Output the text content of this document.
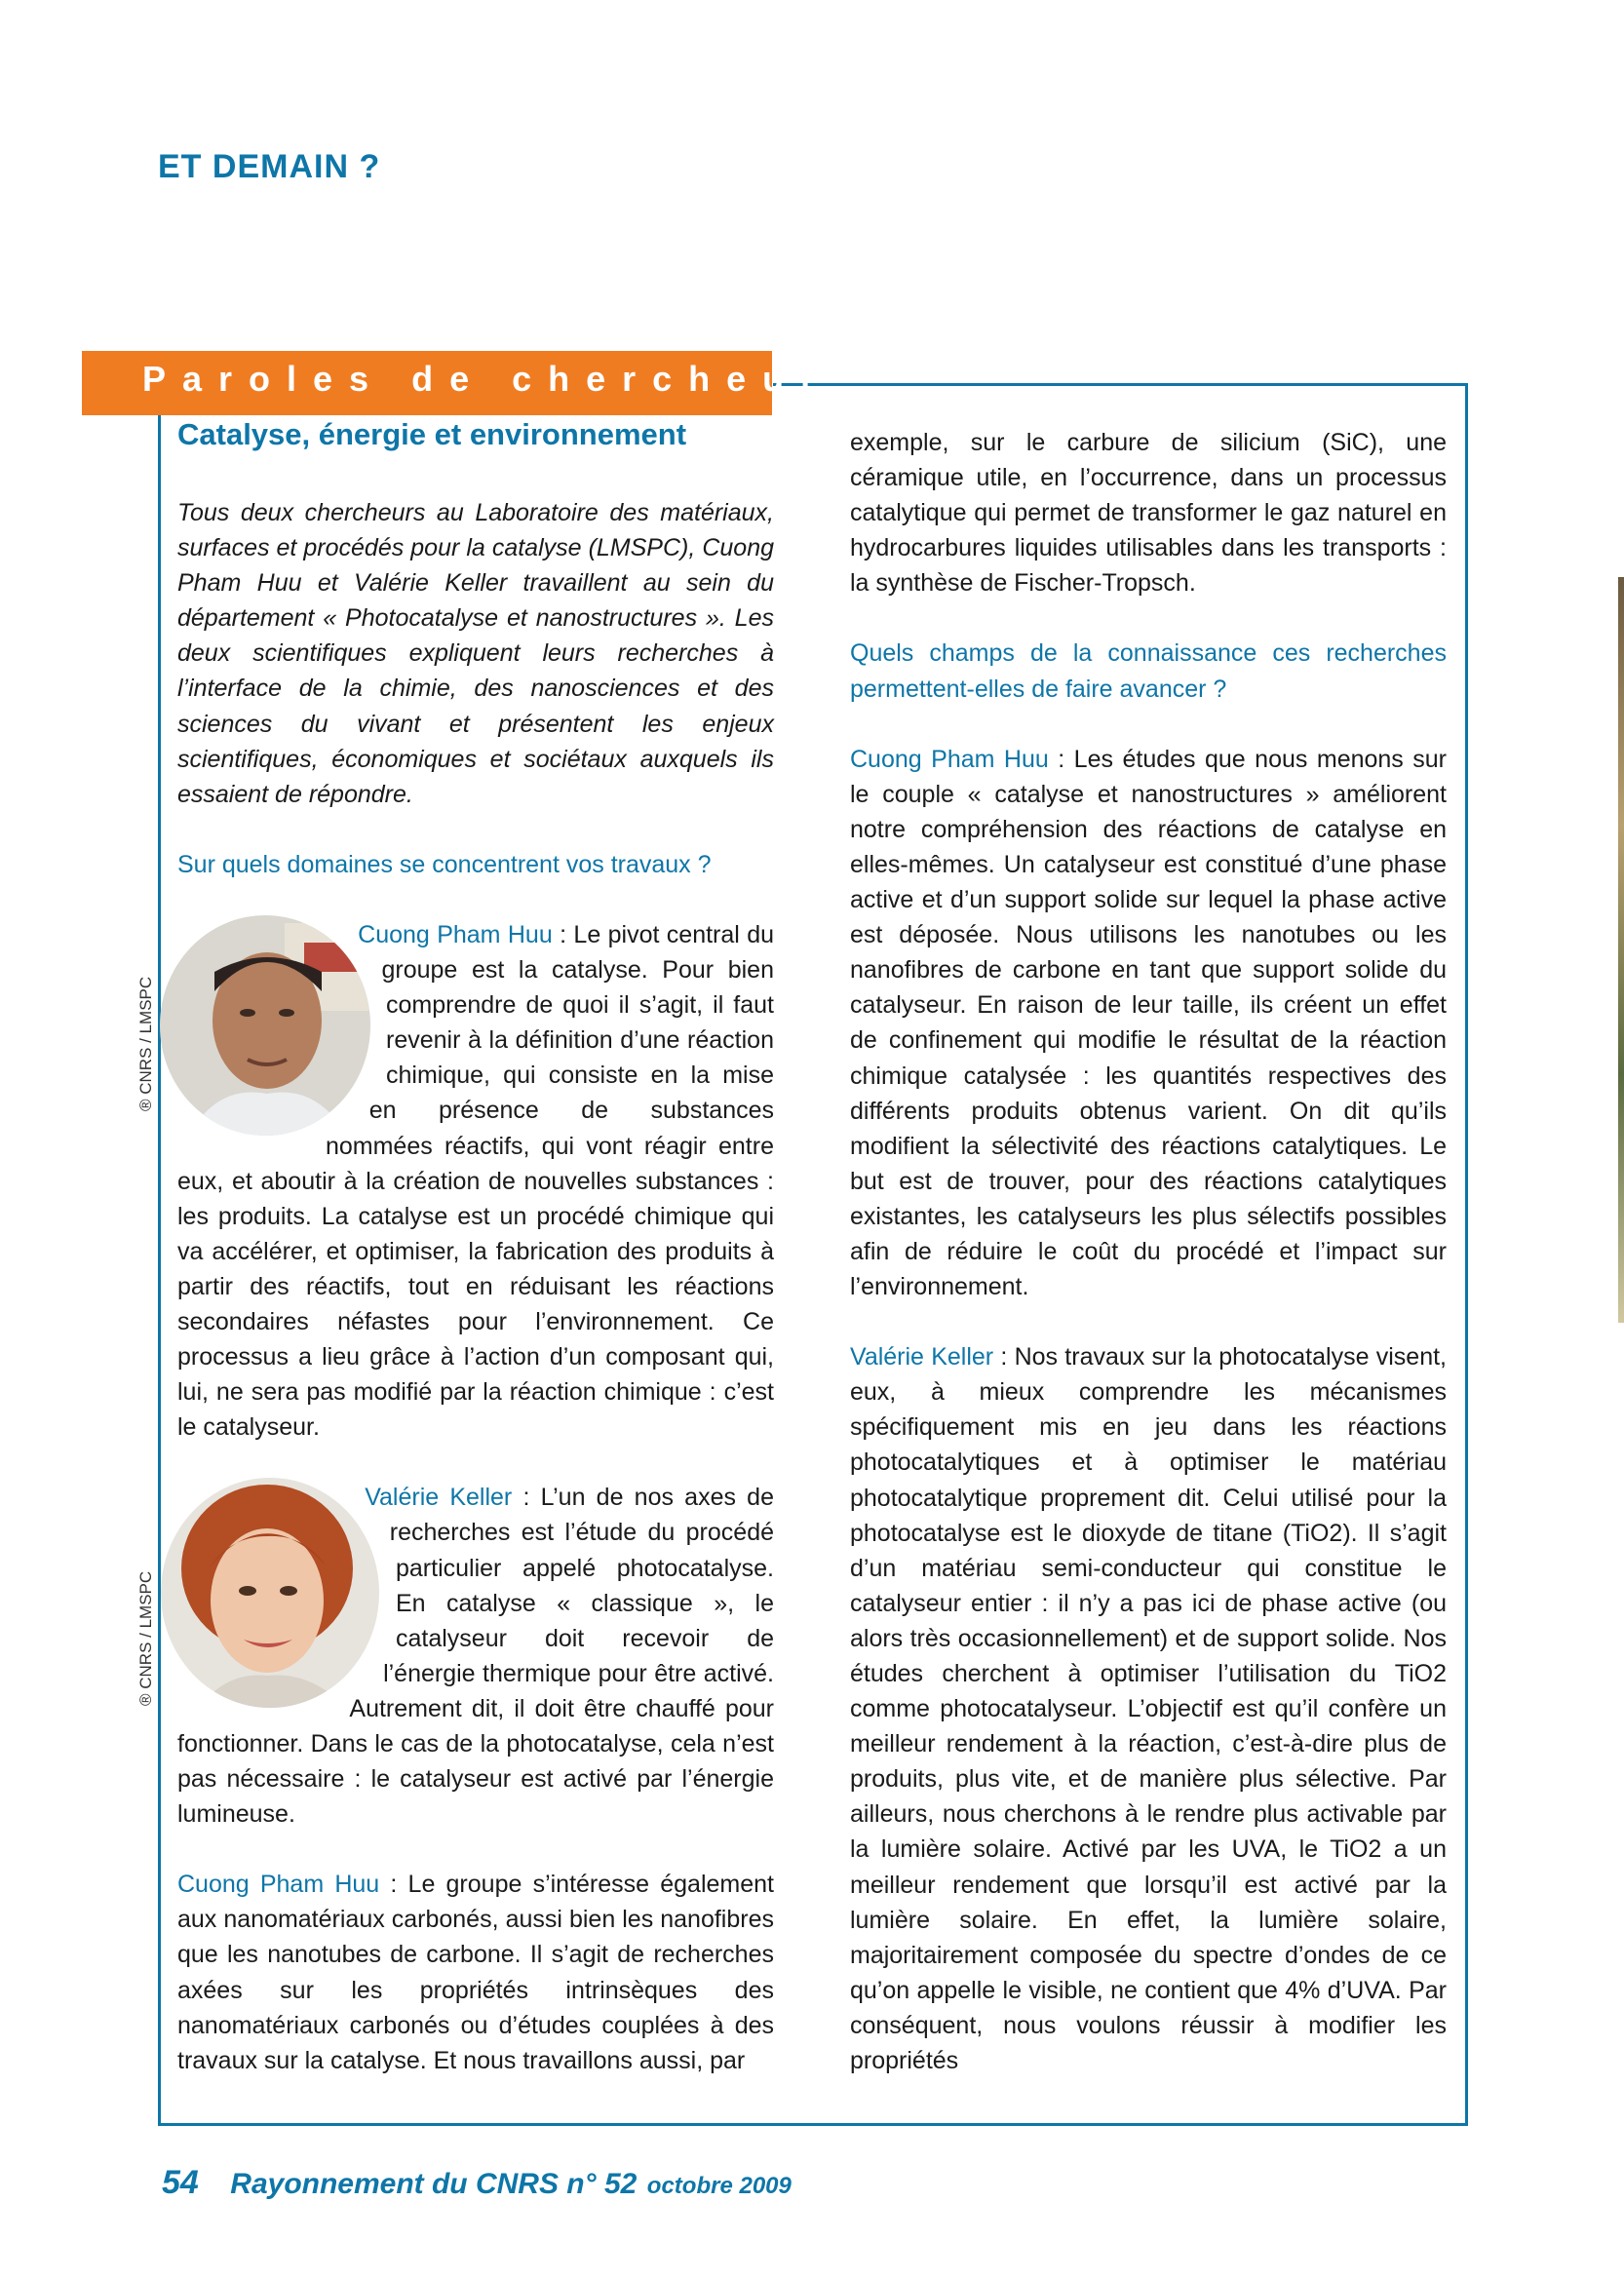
ET DEMAIN ?
Paroles de chercheur
Catalyse, énergie et environnement

Tous deux chercheurs au Laboratoire des matériaux, surfaces et procédés pour la catalyse (LMSPC), Cuong Pham Huu et Valérie Keller travaillent au sein du département « Photocatalyse et nanostructures ». Les deux scientifiques expliquent leurs recherches à l’interface de la chimie, des nanosciences et des sciences du vivant et présentent les enjeux scientifiques, économiques et sociétaux auxquels ils essaient de répondre.

Sur quels domaines se concentrent vos travaux ?

Cuong Pham Huu : Le pivot central du groupe est la catalyse. Pour bien comprendre de quoi il s’agit, il faut revenir à la définition d’une réaction chimique, qui consiste en la mise en présence de substances nommées réactifs, qui vont réagir entre eux, et aboutir à la création de nouvelles substances : les produits. La catalyse est un procédé chimique qui va accélérer, et optimiser, la fabrication des produits à partir des réactifs, tout en réduisant les réactions secondaires néfastes pour l’environnement. Ce processus a lieu grâce à l’action d’un composant qui, lui, ne sera pas modifié par la réaction chimique : c’est le catalyseur.

Valérie Keller : L’un de nos axes de recherches est l’étude du procédé particulier appelé photocatalyse. En catalyse « classique », le catalyseur doit recevoir de l’énergie thermique pour être activé. Autrement dit, il doit être chauffé pour fonctionner. Dans le cas de la photocatalyse, cela n’est pas nécessaire : le catalyseur est activé par l’énergie lumineuse.

Cuong Pham Huu : Le groupe s’intéresse également aux nanomatériaux carbonés, aussi bien les nanofibres que les nanotubes de carbone. Il s’agit de recherches axées sur les propriétés intrinsèques des nanomatériaux carbonés ou d’études couplées à des travaux sur la catalyse. Et nous travaillons aussi, par

® CNRS / LMSPC
® CNRS / LMSPC

exemple, sur le carbure de silicium (SiC), une céramique utile, en l’occurrence, dans un processus catalytique qui permet de transformer le gaz naturel en hydrocarbures liquides utilisables dans les transports : la synthèse de Fischer-Tropsch.

Quels champs de la connaissance ces recherches permettent-elles de faire avancer ?

Cuong Pham Huu : Les études que nous menons sur le couple « catalyse et nanostructures » améliorent notre compréhension des réactions de catalyse en elles-mêmes. Un catalyseur est constitué d’une phase active et d’un support solide sur lequel la phase active est déposée. Nous utilisons les nanotubes ou les nanofibres de carbone en tant que support solide du catalyseur. En raison de leur taille, ils créent un effet de confinement qui modifie le résultat de la réaction chimique catalysée : les quantités respectives des différents produits obtenus varient. On dit qu’ils modifient la sélectivité des réactions catalytiques. Le but est de trouver, pour des réactions catalytiques existantes, les catalyseurs les plus sélectifs possibles afin de réduire le coût du procédé et l’impact sur l’environnement.

Valérie Keller : Nos travaux sur la photocatalyse visent, eux, à mieux comprendre les mécanismes spécifiquement mis en jeu dans les réactions photocatalytiques et à optimiser le matériau photocatalytique proprement dit. Celui utilisé pour la photocatalyse est le dioxyde de titane (TiO2). Il s’agit d’un matériau semi-conducteur qui constitue le catalyseur entier : il n’y a pas ici de phase active (ou alors très occasionnellement) et de support solide. Nos études cherchent à optimiser l’utilisation du TiO2 comme photocatalyseur. L’objectif est qu’il confère un meilleur rendement à la réaction, c’est-à-dire plus de produits, plus vite, et de manière plus sélective. Par ailleurs, nous cherchons à le rendre plus activable par la lumière solaire. Activé par les UVA, le TiO2 a un meilleur rendement que lorsqu’il est activé par la lumière solaire. En effet, la lumière solaire, majoritairement composée du spectre d’ondes de ce qu’on appelle le visible, ne contient que 4% d’UVA. Par conséquent, nous voulons réussir à modifier les propriétés

54 Rayonnement du CNRS n° 52 octobre 2009
